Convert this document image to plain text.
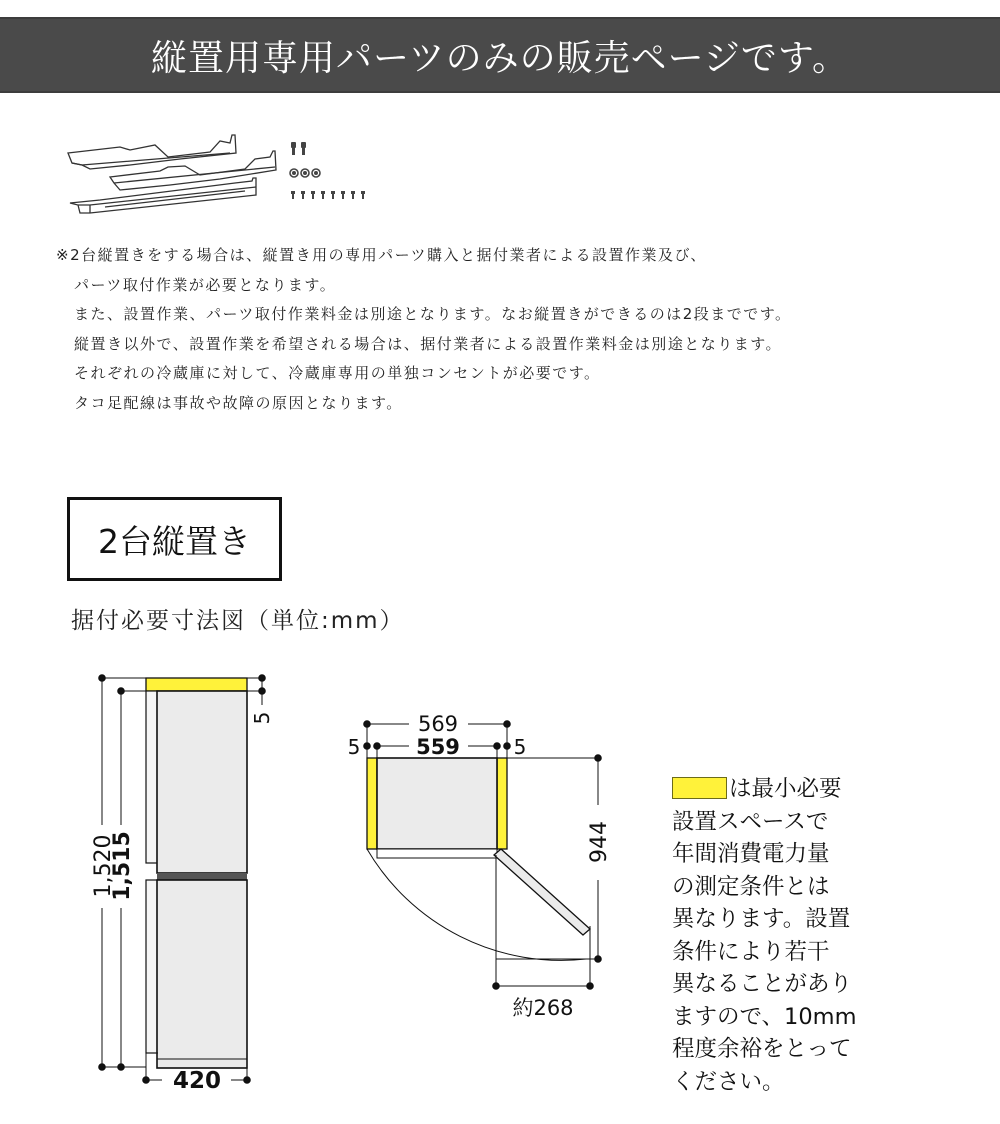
縦置用専用パーツのみの販売ページです。
※2台縦置きをする場合は、縦置き用の専用パーツ購入と据付業者による設置作業及び、
パーツ取付作業が必要となります。
また、設置作業、パーツ取付作業料金は別途となります。なお縦置きができるのは2段までです。
縦置き以外で、設置作業を希望される場合は、据付業者による設置作業料金は別途となります。
それぞれの冷蔵庫に対して、冷蔵庫専用の単独コンセントが必要です。
タコ足配線は事故や故障の原因となります。
2台縦置き
据付必要寸法図（単位:mm）
1,520
1,515
5
420
569
559
5	5
944
約268
は最小必要
設置スペースで
年間消費電力量
の測定条件とは
異なります。設置
条件により若干
異なることがあり
ますので、10mm
程度余裕をとって
ください。
